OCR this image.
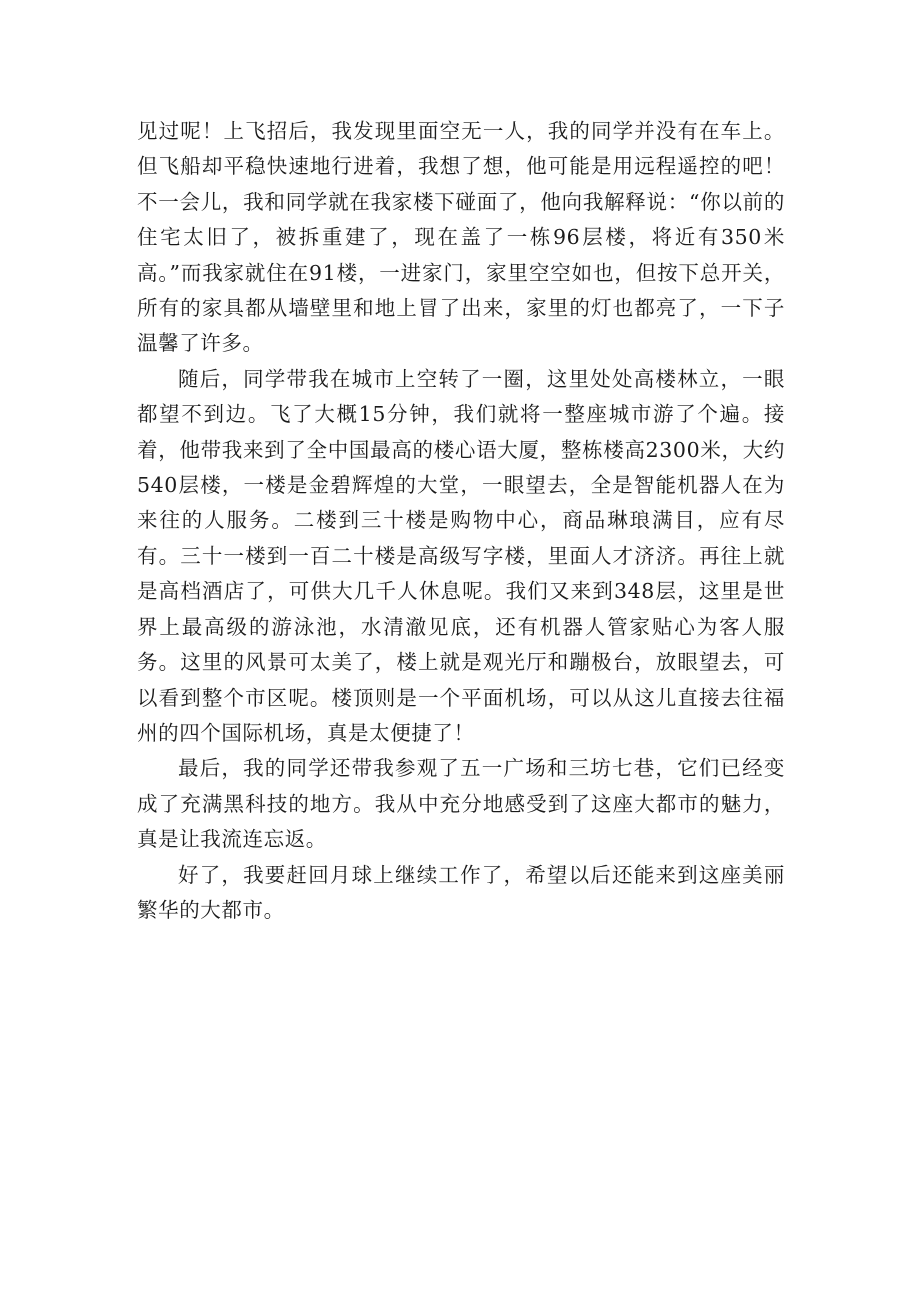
见过呢！上飞招后，我发现里面空无一人，我的同学并没有在车上。但飞船却平稳快速地行进着，我想了想，他可能是用远程遥控的吧！不一会儿，我和同学就在我家楼下碰面了，他向我解释说：“你以前的住宅太旧了，被拆重建了，现在盖了一栋96层楼，将近有350米高。”而我家就住在91楼，一进家门，家里空空如也，但按下总开关，所有的家具都从墙壁里和地上冒了出来，家里的灯也都亮了，一下子温馨了许多。

随后，同学带我在城市上空转了一圈，这里处处高楼林立，一眼都望不到边。飞了大概15分钟，我们就将一整座城市游了个遍。接着，他带我来到了全中国最高的楼心语大厦，整栋楼高2300米，大约540层楼，一楼是金碧辉煌的大堂，一眼望去，全是智能机器人在为来往的人服务。二楼到三十楼是购物中心，商品琳琅满目，应有尽有。三十一楼到一百二十楼是高级写字楼，里面人才济济。再往上就是高档酒店了，可供大几千人休息呢。我们又来到348层，这里是世界上最高级的游泳池，水清澈见底，还有机器人管家贴心为客人服务。这里的风景可太美了，楼上就是观光厅和蹦极台，放眼望去，可以看到整个市区呢。楼顶则是一个平面机场，可以从这儿直接去往福州的四个国际机场，真是太便捷了！

最后，我的同学还带我参观了五一广场和三坊七巷，它们已经变成了充满黑科技的地方。我从中充分地感受到了这座大都市的魅力，真是让我流连忘返。

好了，我要赶回月球上继续工作了，希望以后还能来到这座美丽繁华的大都市。
